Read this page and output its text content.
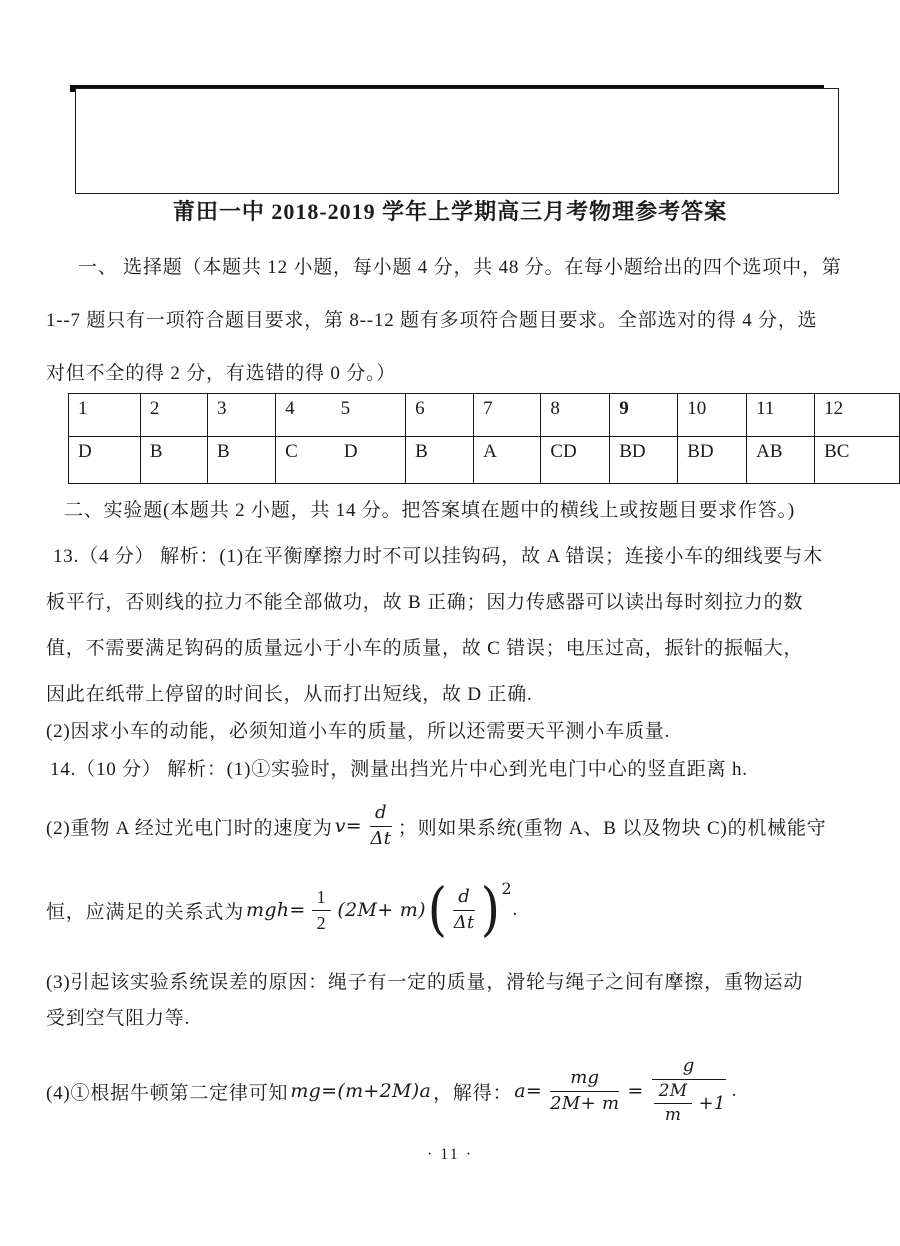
莆田一中 2018-2019 学年上学期高三月考物理参考答案
一、 选择题（本题共 12 小题，每小题 4 分，共 48 分。在每小题给出的四个选项中，第
1--7 题只有一项符合题目要求，第 8--12 题有多项符合题目要求。全部选对的得 4 分，选
对但不全的得 2 分，有选错的得 0 分。）
1	2	3	4 5	6	7	8	9	10	11	12
D	B	B	C D	B	A	CD	BD	BD	AB	BC
二、实验题(本题共 2 小题，共 14 分。把答案填在题中的横线上或按题目要求作答。)
13.（4 分） 解析：(1)在平衡摩擦力时不可以挂钩码，故 A 错误；连接小车的细线要与木
板平行，否则线的拉力不能全部做功，故 B 正确；因力传感器可以读出每时刻拉力的数
值，不需要满足钩码的质量远小于小车的质量，故 C 错误；电压过高，振针的振幅大，
因此在纸带上停留的时间长，从而打出短线，故 D 正确.
(2)因求小车的动能，必须知道小车的质量，所以还需要天平测小车质量.
14.（10 分） 解析：(1)①实验时，测量出挡光片中心到光电门中心的竖直距离 h.
(2)重物 A 经过光电门时的速度为 $v= \frac{d}{\Delta t}$ ；则如果系统(重物 A、B 以及物块 C)的机械能守
恒，应满足的关系式为 $mgh= \frac{1}{2} (2M+ m)$ ( $\frac{d}{\Delta t}$ ) 2
.
(3)引起该实验系统误差的原因：绳子有一定的质量，滑轮与绳子之间有摩擦，重物运动
受到空气阻力等.
(4)①根据牛顿第二定律可知 mg=(m+2M)a ，解得： $a= \frac{mg}{2M+ m} = \frac{g}{\frac{2M}{m} +1}$ .
· 11 ·
